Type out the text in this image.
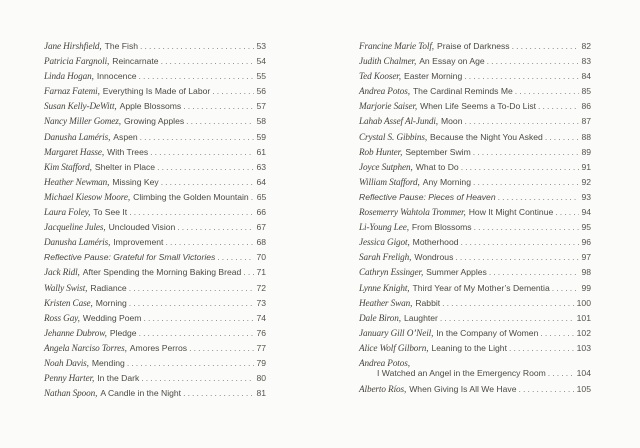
Jane Hirshfield, The Fish .....	53
Patricia Fargnoli, Reincarnate .....	54
Linda Hogan, Innocence .....	55
Farnaz Fatemi, Everything Is Made of Labor .....	56
Susan Kelly-DeWitt, Apple Blossoms .....	57
Nancy Miller Gomez, Growing Apples .....	58
Danusha Laméris, Aspen .....	59
Margaret Hasse, With Trees .....	61
Kim Stafford, Shelter in Place .....	63
Heather Newman, Missing Key .....	64
Michael Kiesow Moore, Climbing the Golden Mountain ..... 65
Laura Foley, To See It .....	66
Jacqueline Jules, Unclouded Vision .....	67
Danusha Laméris, Improvement .....	68
Reflective Pause: Grateful for Small Victories .....	70
Jack Ridl, After Spending the Morning Baking Bread ..... 71
Wally Swist, Radiance .....	72
Kristen Case, Morning .....	73
Ross Gay, Wedding Poem .....	74
Jehanne Dubrow, Pledge .....	76
Angela Narciso Torres, Amores Perros .....	77
Noah Davis, Mending .....	79
Penny Harter, In the Dark .....	80
Nathan Spoon, A Candle in the Night .....	81
Francine Marie Tolf, Praise of Darkness .....	82
Judith Chalmer, An Essay on Age .....	83
Ted Kooser, Easter Morning .....	84
Andrea Potos, The Cardinal Reminds Me .....	85
Marjorie Saiser, When Life Seems a To-Do List .....	86
Lahab Assef Al-Jundi, Moon .....	87
Crystal S. Gibbins, Because the Night You Asked .....	88
Rob Hunter, September Swim .....	89
Joyce Sutphen, What to Do .....	91
William Stafford, Any Morning .....	92
Reflective Pause: Pieces of Heaven .....	93
Rosemerry Wahtola Trommer, How It Might Continue .....	94
Li-Young Lee, From Blossoms .....	95
Jessica Gigot, Motherhood .....	96
Sarah Freligh, Wondrous .....	97
Cathryn Essinger, Summer Apples .....	98
Lynne Knight, Third Year of My Mother’s Dementia .....	99
Heather Swan, Rabbit .....	100
Dale Biron, Laughter .....	101
January Gill O’Neil, In the Company of Women .....	102
Alice Wolf Gilborn, Leaning to the Light .....	103
Andrea Potos,
I Watched an Angel in the Emergency Room .....	104
Alberto Ríos, When Giving Is All We Have .....	105
